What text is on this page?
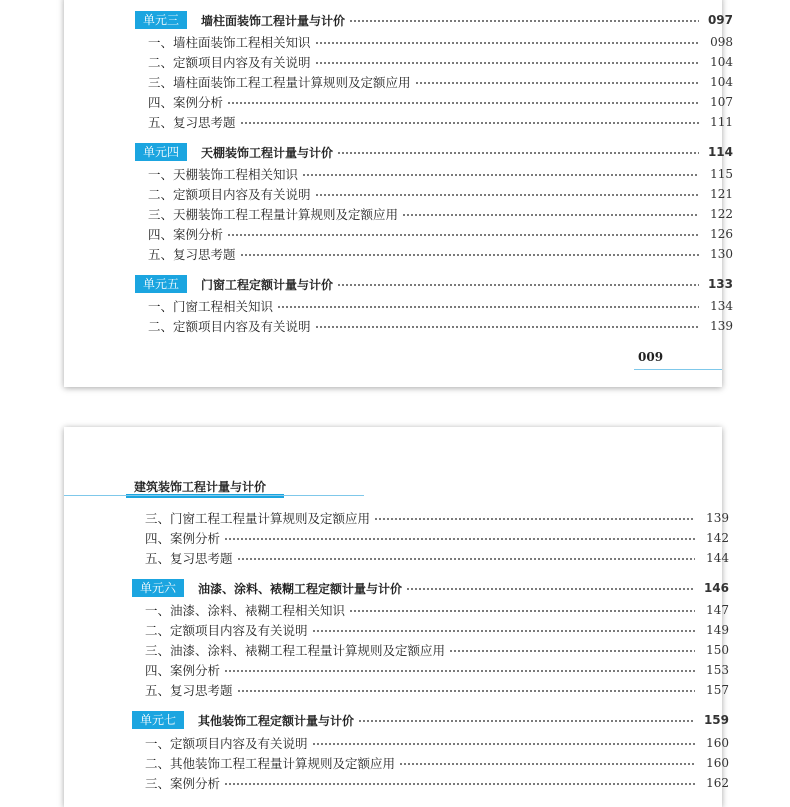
单元三	墙柱面装饰工程计量与计价	097
一、墙柱面装饰工程相关知识	098
二、定额项目内容及有关说明	104
三、墙柱面装饰工程工程量计算规则及定额应用	104
四、案例分析	107
五、复习思考题	111
单元四	天棚装饰工程计量与计价	114
一、天棚装饰工程相关知识	115
二、定额项目内容及有关说明	121
三、天棚装饰工程工程量计算规则及定额应用	122
四、案例分析	126
五、复习思考题	130
单元五	门窗工程定额计量与计价	133
一、门窗工程相关知识	134
二、定额项目内容及有关说明	139
009
建筑装饰工程计量与计价
三、门窗工程工程量计算规则及定额应用	139
四、案例分析	142
五、复习思考题	144
单元六	油漆、涂料、裱糊工程定额计量与计价	146
一、油漆、涂料、裱糊工程相关知识	147
二、定额项目内容及有关说明	149
三、油漆、涂料、裱糊工程工程量计算规则及定额应用	150
四、案例分析	153
五、复习思考题	157
单元七	其他装饰工程定额计量与计价	159
一、定额项目内容及有关说明	160
二、其他装饰工程工程量计算规则及定额应用	160
三、案例分析	162
